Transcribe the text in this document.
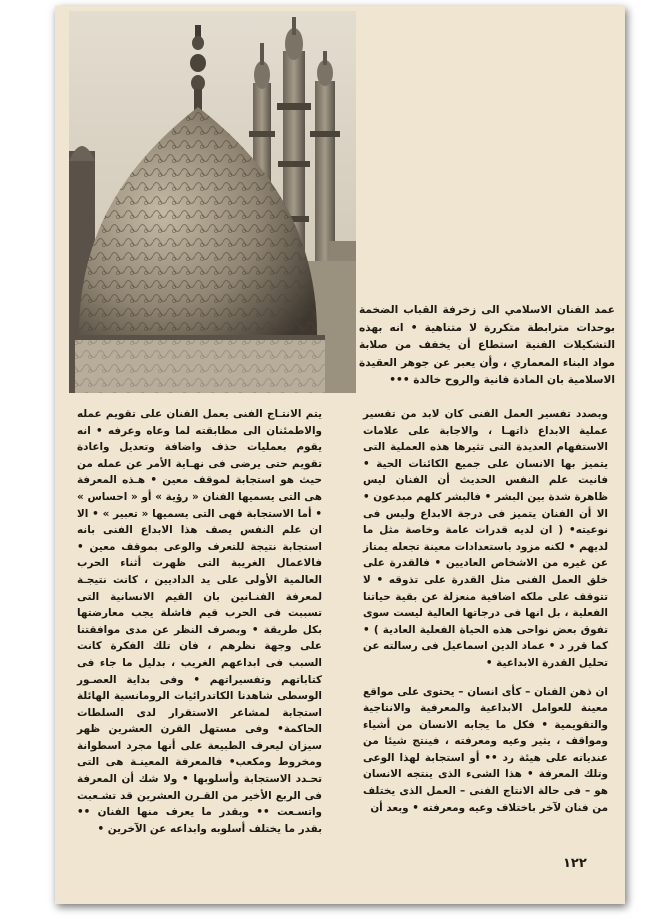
عمد الفنان الاسلامي الى زخرفة القباب الضخمة بوحدات مترابطة متكررة لا متناهية • انه بهذه التشكيلات الفنية استطاع أن يخفف من صلابة مواد البناء المعماري ، وأن يعبر عن جوهر العقيدة الاسلامية بان المادة فانية والروح خالدة •••

وبصدد تفسير العمل الفنى كان لابد من تفسير عملية الابداع ذاتهـا ، والاجابة على علامات الاستفهام العديدة التى تثيرها هذه العملية التى يتميز بها الانسان على جميع الكائنات الحية • فانيت علم النفس الحديث أن الفنان ليس ظاهرة شدة بين البشر • فالبشر كلهم مبدعون • الا أن الفنان يتميز فى درجة الابداع وليس فى نوعيته• ( ان لديه قدرات عامة وخاصة مثل ما لديهم • لكنه مزود باستعدادات معينة تجعله يمتاز عن غيره من الاشخاص العاديين • فالقدرة على خلق العمل الفنى مثل القدرة على تذوقه • لا تتوقف على ملكه اضافية منعزلة عن بقية حياتنا الفعلية ، بل انها فى درجاتها العالية ليست سوى تفوق بعض نواحى هذه الحياة الفعلية العادية ) • كما قرر د • عماد الدين اسماعيل فى رسالته عن تحليل القدرة الابداعية •

ان ذهن الفنان – كأى انسان – يحتوى على مواقع معينة للعوامل الابداعية والمعرفية والانتاجية والتقويمية • فكل ما يجابه الانسان من أشياء ومواقف ، يثير وعيه ومعرفته ، فينتج شيئا من عندياته على هيئة رد •• أو استجابة لهذا الوعى وتلك المعرفة • هذا الشىء الذى ينتجه الانسان هو – فى حالة الانتاج الفنى – العمل الذى يختلف من فنان لآخر باختلاف وعيه ومعرفته • وبعد أن

يتم الانتـاج الفنى يعمل الفنان على تقويم عمله والاطمئنان الى مطابقته لما وعاه وعرفه • انه يقوم بعمليات حذف واضافة وتعديل واعادة تقويم حتى يرضى فى نهـاية الأمر عن عمله من حيث هو استجابة لموقف معين • هـذه المعرفة هى التى يسميها الفنان « رؤية » أو « احساس » • أما الاستجابة فهى التى يسميها « تعبير » • الا ان علم النفس يصف هذا الابداع الفنى بانه استجابة نتيجة للتعرف والوعى بموقف معين • فالاعمال الغريبة التى ظهرت أثناء الحرب العالمية الأولى على يد الداديين ، كانت نتيجـة لمعرفة الفنـانين بان القيم الانسانية التى تسببت فى الحرب قيم فاشلة يجب معارضتها بكل طريقة • وبصرف النظر عن مدى موافقتنا على وجهة نظرهم ، فان تلك الفكرة كانت السبب فى ابداعهم الغريب ، بدليل ما جاء فى كتاباتهم وتفسيراتهم • وفى بداية العصـور الوسطى شاهدنا الكاتدرائيات الرومانسية الهائلة استجابة لمشاعر الاستقرار لدى السلطات الحاكمة• وفى مستهل القرن العشرين ظهر سيزان ليعرف الطبيعة على أنها مجرد اسطوانة ومخروط ومكعب• فالمعرفة المعينـة هى التى تحـدد الاستجابة وأسلوبها • ولا شك أن المعرفة فى الربع الأخير من القـرن العشرين قد تشـعبت واتسـعت •• وبقدر ما يعرف منها الفنان •• بقدر ما يختلف أسلوبه وابداعه عن الآخرين •

١٢٢
